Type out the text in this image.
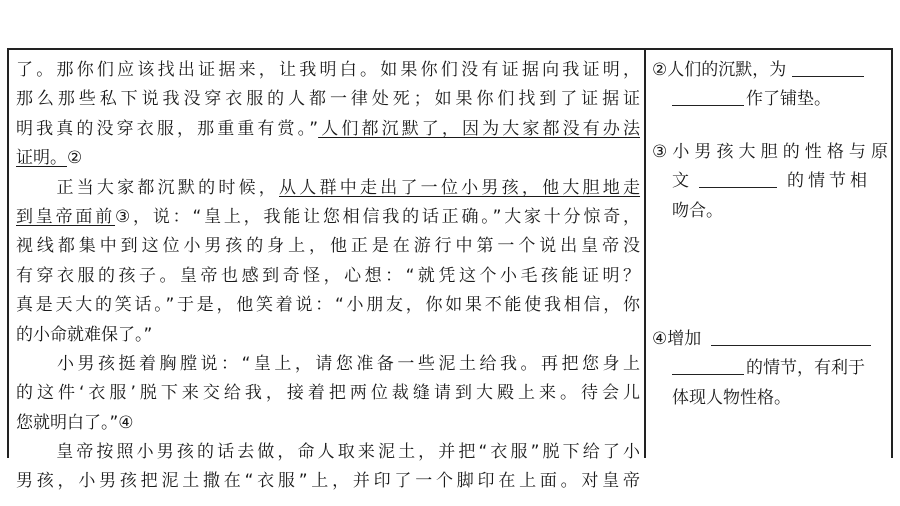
了。那你们应该找出证据来，让我明白。如果你们没有证据向我证明，
那么那些私下说我没穿衣服的人都一律处死；如果你们找到了证据证
明我真的没穿衣服，那重重有赏。”人们都沉默了，因为大家都没有办法
证明。②
　　正当大家都沉默的时候，从人群中走出了一位小男孩，他大胆地走
到皇帝面前③，说：“皇上，我能让您相信我的话正确。”大家十分惊奇，
视线都集中到这位小男孩的身上，他正是在游行中第一个说出皇帝没
有穿衣服的孩子。皇帝也感到奇怪，心想：“就凭这个小毛孩能证明？
真是天大的笑话。”于是，他笑着说：“小朋友，你如果不能使我相信，你
的小命就难保了。”
　　小男孩挺着胸膛说：“皇上，请您准备一些泥土给我。再把您身上
的这件‘衣服’脱下来交给我，接着把两位裁缝请到大殿上来。待会儿
您就明白了。”④
　　皇帝按照小男孩的话去做，命人取来泥土，并把“衣服”脱下给了小
男孩，小男孩把泥土撒在“衣服”上，并印了一个脚印在上面。对皇帝
②人们的沉默，为
作了铺垫。
③小男孩大胆的性格与原
文	的情节相
吻合。
④增加
的情节，有利于
体现人物性格。
